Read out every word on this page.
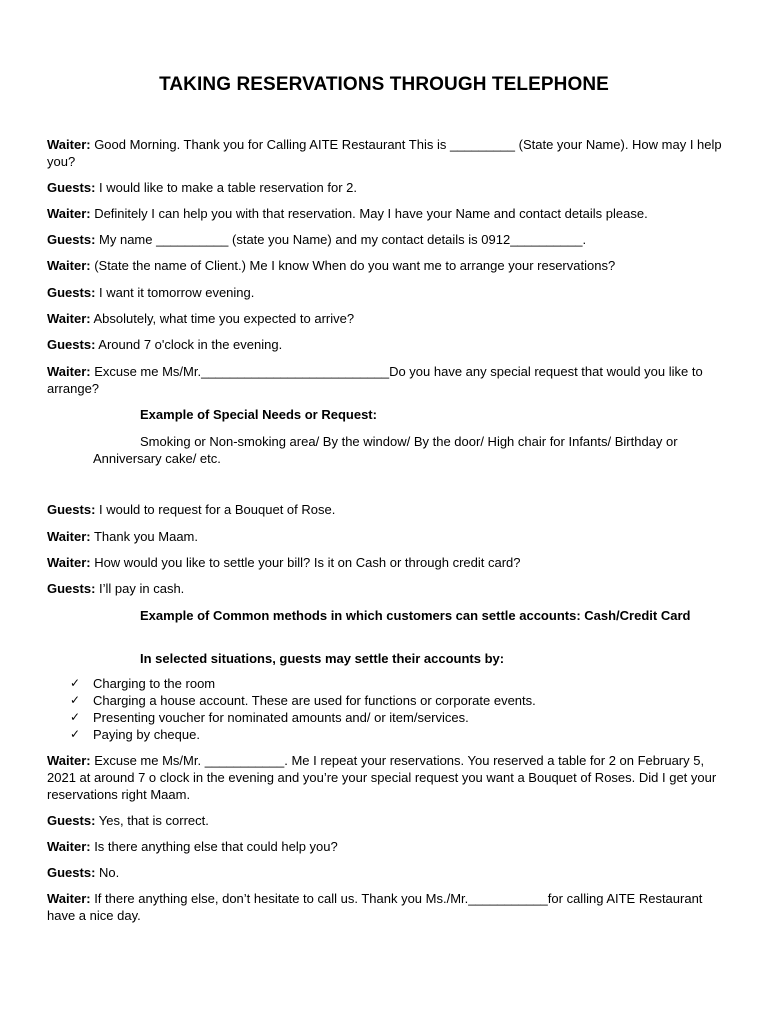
TAKING RESERVATIONS THROUGH TELEPHONE
Waiter: Good Morning. Thank you for Calling AITE Restaurant This is _________ (State your Name). How may I help you?
Guests: I would like to make a table reservation for 2.
Waiter: Definitely I can help you with that reservation. May I have your Name and contact details please.
Guests: My name __________ (state you Name) and my contact details is 0912__________.
Waiter: (State the name of Client.) Me I know When do you want me to arrange your reservations?
Guests: I want it tomorrow evening.
Waiter: Absolutely, what time you expected to arrive?
Guests: Around 7 o'clock in the evening.
Waiter: Excuse me Ms/Mr.__________________________Do you have any special request that would you like to arrange?
Example of Special Needs or Request:
Smoking or Non-smoking area/ By the window/ By the door/ High chair for Infants/ Birthday or Anniversary cake/ etc.
Guests: I would to request for a Bouquet of Rose.
Waiter: Thank you Maam.
Waiter: How would you like to settle your bill? Is it on Cash or through credit card?
Guests: I’ll pay in cash.
Example of Common methods in which customers can settle accounts: Cash/Credit Card
In selected situations, guests may settle their accounts by:
✓ Charging to the room
✓ Charging a house account. These are used for functions or corporate events.
✓ Presenting voucher for nominated amounts and/ or item/services.
✓ Paying by cheque.
Waiter: Excuse me Ms/Mr. ___________. Me I repeat your reservations. You reserved a table for 2 on February 5, 2021 at around 7 o clock in the evening and you’re your special request you want a Bouquet of Roses. Did I get your reservations right Maam.
Guests: Yes, that is correct.
Waiter: Is there anything else that could help you?
Guests: No.
Waiter: If there anything else, don’t hesitate to call us. Thank you Ms./Mr.___________for calling AITE Restaurant have a nice day.
